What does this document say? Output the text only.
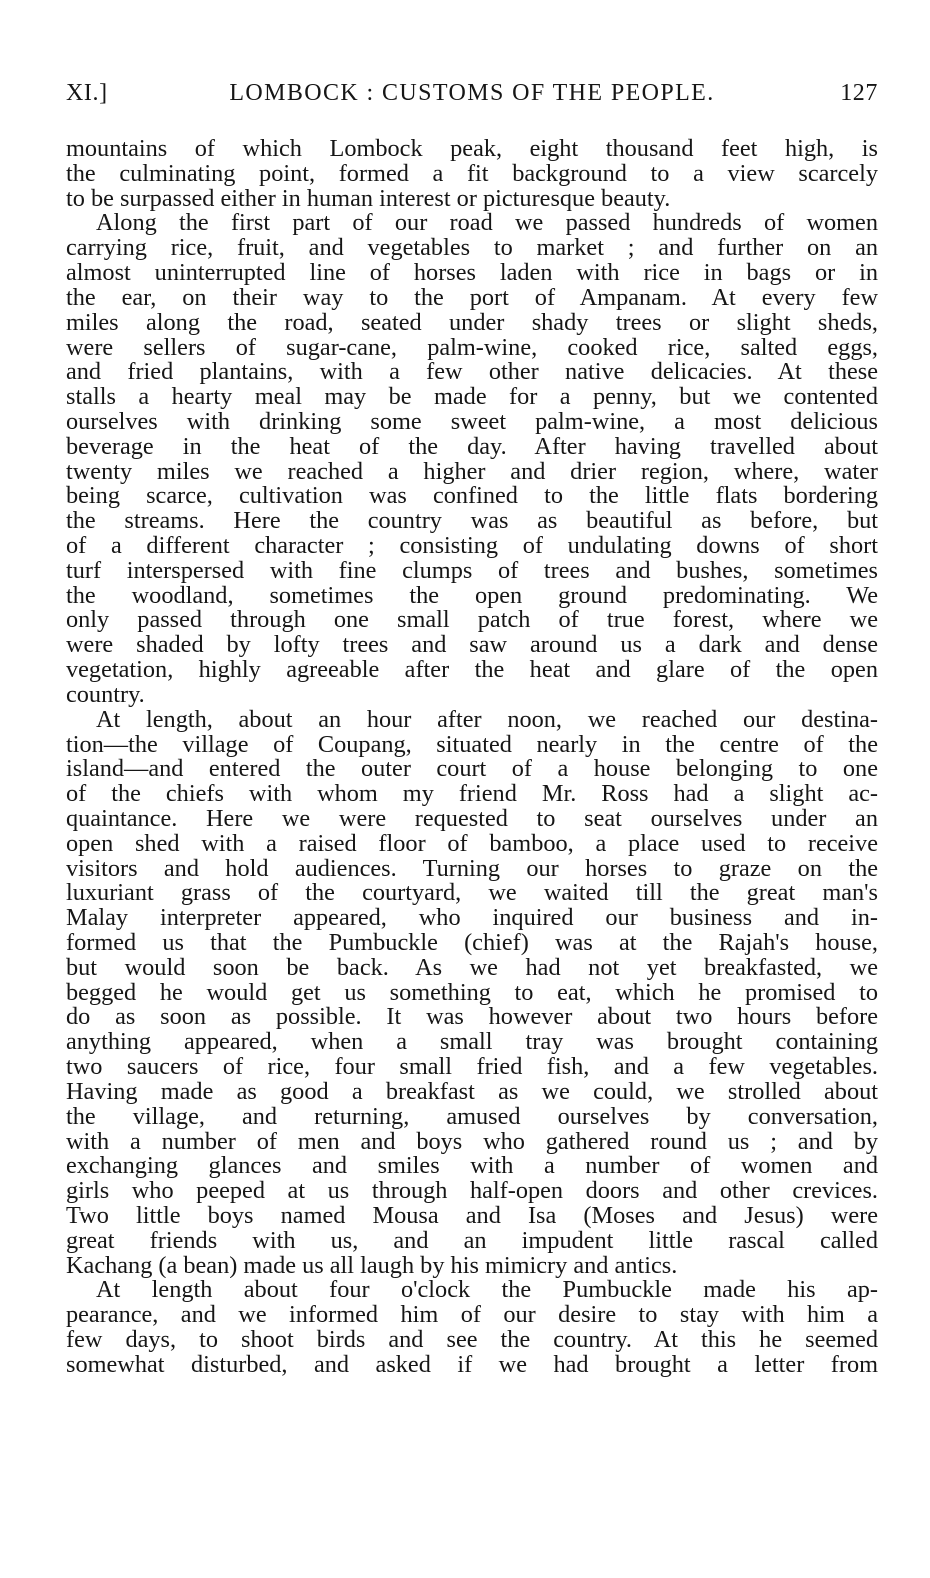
XI.]	LOMBOCK : CUSTOMS OF THE PEOPLE.	127
mountains of which Lombock peak, eight thousand feet high, is
the culminating point, formed a fit background to a view scarcely
to be surpassed either in human interest or picturesque beauty.
Along the first part of our road we passed hundreds of women
carrying rice, fruit, and vegetables to market ; and further on an
almost uninterrupted line of horses laden with rice in bags or in
the ear, on their way to the port of Ampanam. At every few
miles along the road, seated under shady trees or slight sheds,
were sellers of sugar-cane, palm-wine, cooked rice, salted eggs,
and fried plantains, with a few other native delicacies. At these
stalls a hearty meal may be made for a penny, but we contented
ourselves with drinking some sweet palm-wine, a most delicious
beverage in the heat of the day. After having travelled about
twenty miles we reached a higher and drier region, where, water
being scarce, cultivation was confined to the little flats bordering
the streams. Here the country was as beautiful as before, but
of a different character ; consisting of undulating downs of short
turf interspersed with fine clumps of trees and bushes, sometimes
the woodland, sometimes the open ground predominating. We
only passed through one small patch of true forest, where we
were shaded by lofty trees and saw around us a dark and dense
vegetation, highly agreeable after the heat and glare of the open
country.
At length, about an hour after noon, we reached our destina-
tion—the village of Coupang, situated nearly in the centre of the
island—and entered the outer court of a house belonging to one
of the chiefs with whom my friend Mr. Ross had a slight ac-
quaintance. Here we were requested to seat ourselves under an
open shed with a raised floor of bamboo, a place used to receive
visitors and hold audiences. Turning our horses to graze on the
luxuriant grass of the courtyard, we waited till the great man's
Malay interpreter appeared, who inquired our business and in-
formed us that the Pumbuckle (chief) was at the Rajah's house,
but would soon be back. As we had not yet breakfasted, we
begged he would get us something to eat, which he promised to
do as soon as possible. It was however about two hours before
anything appeared, when a small tray was brought containing
two saucers of rice, four small fried fish, and a few vegetables.
Having made as good a breakfast as we could, we strolled about
the village, and returning, amused ourselves by conversation,
with a number of men and boys who gathered round us ; and by
exchanging glances and smiles with a number of women and
girls who peeped at us through half-open doors and other crevices.
Two little boys named Mousa and Isa (Moses and Jesus) were
great friends with us, and an impudent little rascal called
Kachang (a bean) made us all laugh by his mimicry and antics.
At length about four o'clock the Pumbuckle made his ap-
pearance, and we informed him of our desire to stay with him a
few days, to shoot birds and see the country. At this he seemed
somewhat disturbed, and asked if we had brought a letter from
